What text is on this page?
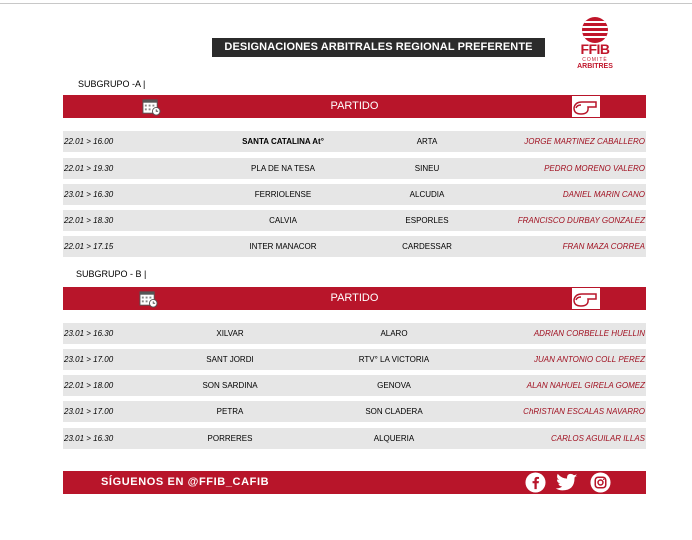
DESIGNACIONES ARBITRALES REGIONAL PREFERENTE	FFIB
COMITÈ
ARBITRES
SUBGRUPO -A |
PARTIDO
22.01 > 16.00	SANTA CATALINA At°	ARTA	JORGE MARTINEZ CABALLERO
22.01 > 19.30	PLA DE NA TESA	SINEU	PEDRO MORENO VALERO
23.01 > 16.30	FERRIOLENSE	ALCUDIA	DANIEL MARIN CANO
22.01 > 18.30	CALVIA	ESPORLES	FRANCISCO DURBAY GONZALEZ
22.01 > 17.15	INTER MANACOR	CARDESSAR	FRAN MAZA CORREA
SUBGRUPO - B |
PARTIDO
23.01 > 16.30	XILVAR	ALARO	ADRIAN CORBELLE HUELLIN
23.01 > 17.00	SANT JORDI	RTV° LA VICTORIA	JUAN ANTONIO COLL PEREZ
22.01 > 18.00	SON SARDINA	GENOVA	ALAN NAHUEL GIRELA GOMEZ
23.01 > 17.00	PETRA	SON CLADERA	ChRISTIAN ESCALAS NAVARRO
23.01 > 16.30	PORRERES	ALQUERIA	CARLOS AGUILAR ILLAS
SÍGUENOS EN @FFIB_CAFIB
